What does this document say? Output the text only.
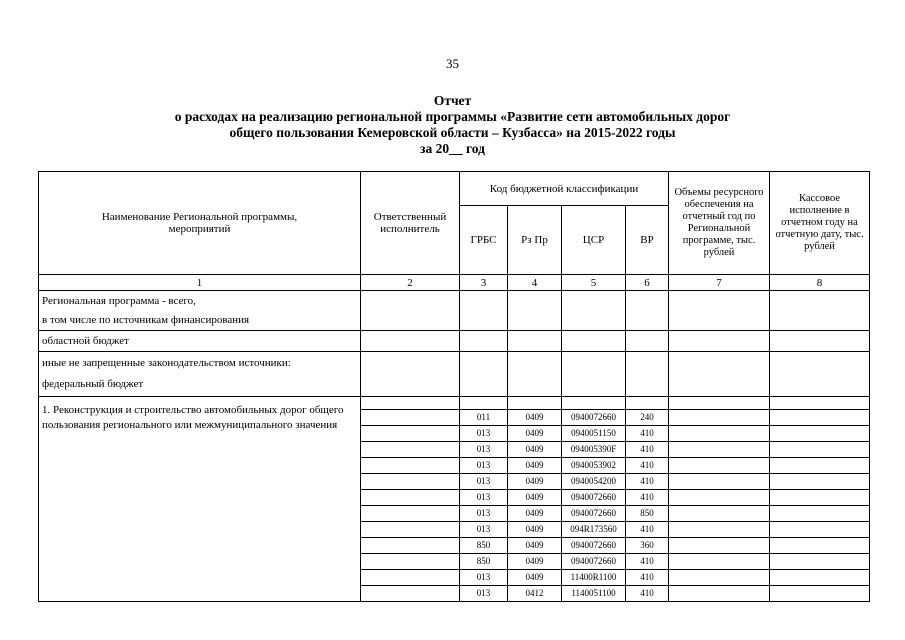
35
Отчет
о расходах на реализацию региональной программы «Развитие сети автомобильных дорог
общего пользования Кемеровской области – Кузбасса» на 2015-2022 годы
за 20__ год
Наименование Региональной программы, мероприятий	Ответственный исполнитель	Код бюджетной классификации				Объемы ресурсного обеспечения на отчетный год по Региональной программе, тыс. рублей	Кассовое исполнение в отчетном году на отчетную дату, тыс. рублей
		ГРБС	Рз Пр	ЦСР	ВР		
1	2	3	4	5	6	7	8

Региональная программа - всего,
в том числе по источникам финансирования							

областной бюджет							

иные не запрещенные законодательством источники:
федеральный бюджет							

1. Реконструкция и строительство автомобильных дорог общего пользования регионального или межмуниципального значения							
		011	0409	0940072660	240		
		013	0409	0940051150	410		
		013	0409	094005390F	410		
		013	0409	0940053902	410		
		013	0409	0940054200	410		
		013	0409	0940072660	410		
		013	0409	0940072660	850		
		013	0409	094R173560	410		
		850	0409	0940072660	360		
		850	0409	0940072660	410		
		013	0409	11400R1100	410		
		013	0412	1140051100	410		
